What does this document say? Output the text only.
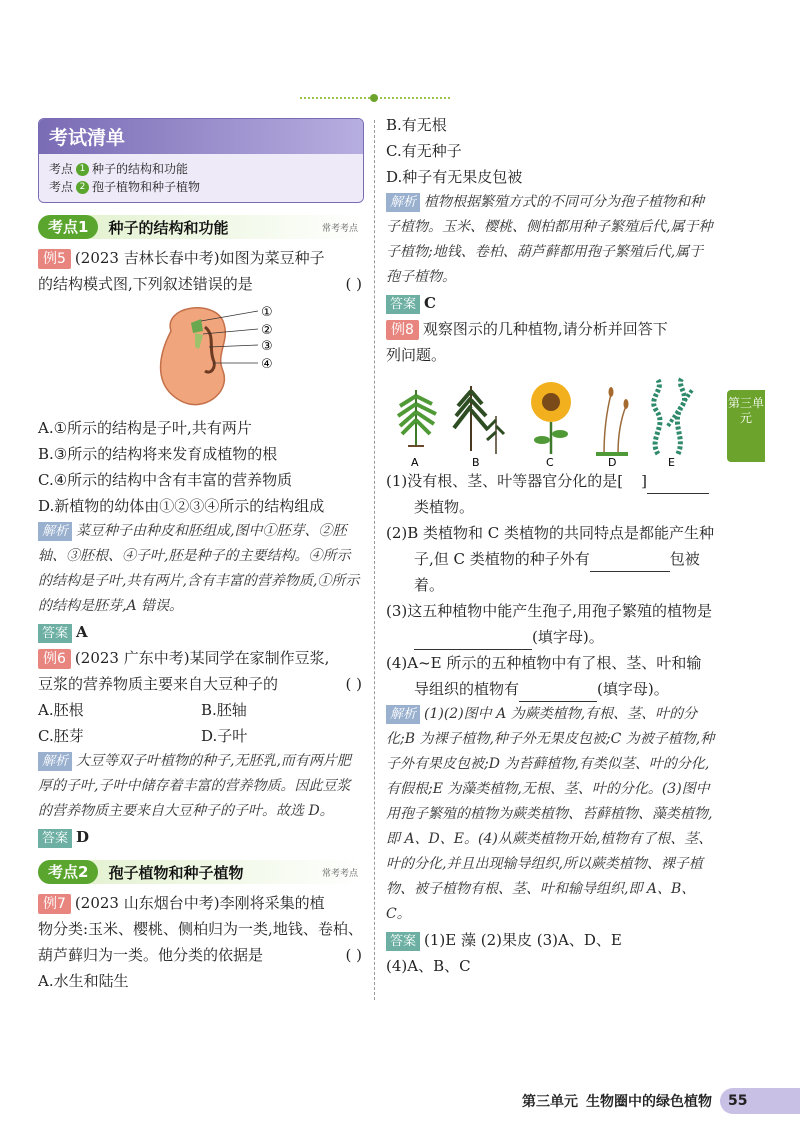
考试清单
考点 1 种子的结构和功能
考点 2 孢子植物和种子植物
考点1	种子的结构和功能	常考考点

例5 (2023 吉林长春中考)如图为菜豆种子

的结构模式图,下列叙述错误的是	( )

①
②
③
④

A.①所示的结构是子叶,共有两片

B.③所示的结构将来发育成植物的根

C.④所示的结构中含有丰富的营养物质

D.新植物的幼体由①②③④所示的结构组成

解析 菜豆种子由种皮和胚组成,图中①胚芽、②胚轴、③胚根、④子叶,胚是种子的主要结构。④所示的结构是子叶,共有两片,含有丰富的营养物质,①所示的结构是胚芽,A 错误。

答案 A

例6 (2023 广东中考)某同学在家制作豆浆,

豆浆的营养物质主要来自大豆种子的	( )

A.胚根	B.胚轴
C.胚芽	D.子叶
解析 大豆等双子叶植物的种子,无胚乳,而有两片肥厚的子叶,子叶中储存着丰富的营养物质。因此豆浆的营养物质主要来自大豆种子的子叶。故选 D。

答案 D

考点2	孢子植物和种子植物	常考考点

例7 (2023 山东烟台中考)李刚将采集的植

物分类:玉米、樱桃、侧柏归为一类,地钱、卷柏、

葫芦藓归为一类。他分类的依据是	( )

A.水生和陆生

B.有无根

C.有无种子

D.种子有无果皮包被

解析 植物根据繁殖方式的不同可分为孢子植物和种子植物。玉米、樱桃、侧柏都用种子繁殖后代,属于种子植物;地钱、卷柏、葫芦藓都用孢子繁殖后代,属于孢子植物。

答案 C

例8 观察图示的几种植物,请分析并回答下

列问题。

A	B	C	D	E
(1)没有根、茎、叶等器官分化的是[ ]类植物。
(2)B 类植物和 C 类植物的共同特点是都能产生种子,但 C 类植物的种子外有	包被着。
(3)这五种植物中能产生孢子,用孢子繁殖的植物是(填字母)。
(4)A~E 所示的五种植物中有了根、茎、叶和输导组织的植物有	(填字母)。
解析 (1)(2)图中 A 为蕨类植物,有根、茎、叶的分化;B 为裸子植物,种子外无果皮包被;C 为被子植物,种子外有果皮包被;D 为苔藓植物,有类似茎、叶的分化,有假根;E 为藻类植物,无根、茎、叶的分化。(3)图中用孢子繁殖的植物为蕨类植物、苔藓植物、藻类植物,即 A、D、E。(4)从蕨类植物开始,植物有了根、茎、叶的分化,并且出现输导组织,所以蕨类植物、裸子植物、被子植物有根、茎、叶和输导组织,即 A、B、C。

答案 (1)E 藻 (2)果皮 (3)A、D、E

(4)A、B、C

第三单元
第三单元 生物圈中的绿色植物	55
